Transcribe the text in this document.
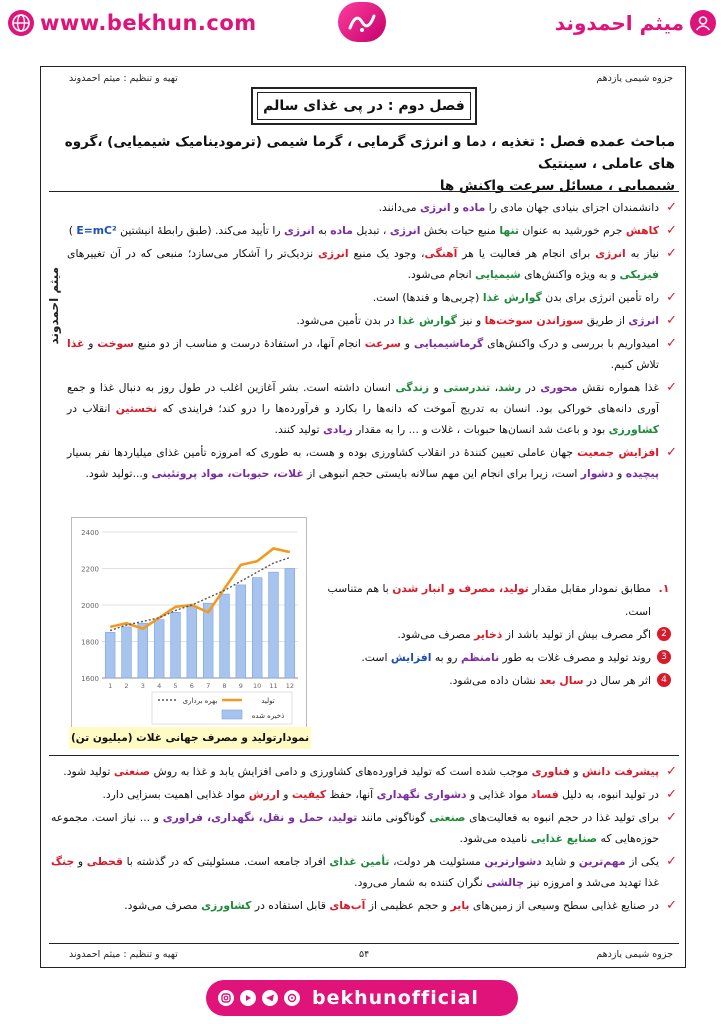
www.bekhun.com	میثم احمدوند
جزوه شیمی یازدهم
تهیه و تنظیم : میثم احمدوند
فصل دوم : در پی غذای سالم
مباحث عمده فصل : تغذیه ، دما و انرژی گرمایی ، گرما شیمی (ترمودینامیک شیمیایی) ،گروه های عاملی ، سینتیک
شیمیایی ، مسائل سرعت واکنش ها
میثم احمدوند
✓
دانشمندان اجزای بنیادی جهان مادی را ماده و انرژی می‌دانند.
✓
کاهش جرم خورشید به عنوان تنها منبع حیات بخش انرژی ، تبدیل ماده به انرژی را تأیید می‌کند. (طبق رابطهٔ انیشتین E=mC² )
✓
نیاز به انرژی برای انجام هر فعالیت یا هر آهنگی، وجود یک منبع انرژی نزدیک‌تر را آشکار می‌سازد؛ منبعی که در آن تغییرهای فیزیکی و به ویژه واکنش‌های شیمیایی انجام می‌شود.
✓
راه تأمین انرژی برای بدن گوارش غذا (چربی‌ها و قندها) است.
✓
انرژی از طریق سوزاندن سوخت‌ها و نیز گوارش غذا در بدن تأمین می‌شود.
✓
امیدواریم با بررسی و درک واکنش‌های گرماشیمیایی و سرعت انجام آنها، در استفادهٔ درست و مناسب از دو منبع سوخت و غذا تلاش کنیم.
✓
غذا همواره نقش محوری در رشد، تندرستی و زندگی انسان داشته است. بشر آغازین اغلب در طول روز به دنبال غذا و جمع آوری دانه‌های خوراکی بود. انسان به تدریج آموخت که دانه‌ها را بکارد و فرآورده‌ها را درو کند؛ فرایندی که نخستین انقلاب در کشاورزی بود و باعث شد انسان‌ها حبوبات ، غلات و ... را به مقدار زیادی تولید کنند.
✓
افزایش جمعیت جهان عاملی تعیین کنندهٔ در انقلاب کشاورزی بوده و هست، به طوری که امروزه تأمین غذای میلیاردها نفر بسیار پیچیده و دشوار است، زیرا برای انجام این مهم سالانه بایستی حجم انبوهی از غلات، حبوبات، مواد پروتئینی و...تولید شود.
1600
1800
2000
2200
2400
1 2 3 4 5 6 7 8 9 10 11 12
تولید
بهره برداری
ذخیره شده
نمودارتولید و مصرف جهانی غلات (میلیون تن)
۱.
مطابق نمودار مقابل مقدار تولید، مصرف و انبار شدن با هم متناسب است.
2
اگر مصرف بیش از تولید باشد از ذخایر مصرف می‌شود.
3
روند تولید و مصرف غلات به طور نامنظم رو به افزایش است.
4
اثر هر سال در سال بعد نشان داده می‌شود.
✓
پیشرفت دانش و فناوری موجب شده است که تولید فراورده‌های کشاورزی و دامی افزایش یابد و غذا به روش صنعتی تولید شود.
✓
در تولید انبوه، به دلیل فساد مواد غذایی و دشواری نگهداری آنها، حفظ کیفیت و ارزش مواد غذایی اهمیت بسزایی دارد.
✓
برای تولید غذا در حجم انبوه به فعالیت‌های صنعتی گوناگونی مانند تولید، حمل و نقل، نگهداری، فراوری و ... نیاز است. مجموعه حوزه‌هایی که صنایع غذایی نامیده می‌شود.
✓
یکی از مهم‌ترین و شاید دشوارترین مسئولیت هر دولت، تأمین غذای افراد جامعه است. مسئولیتی که در گذشته با قحطی و جنگ غذا تهدید می‌شد و امروزه نیز چالشی نگران کننده به شمار می‌رود.
✓
در صنایع غذایی سطح وسیعی از زمین‌های بایر و حجم عظیمی از آب‌های قابل استفاده در کشاورزی مصرف می‌شود.
جزوه شیمی یازدهم
۵۴
تهیه و تنظیم : میثم احمدوند
bekhunofficial
